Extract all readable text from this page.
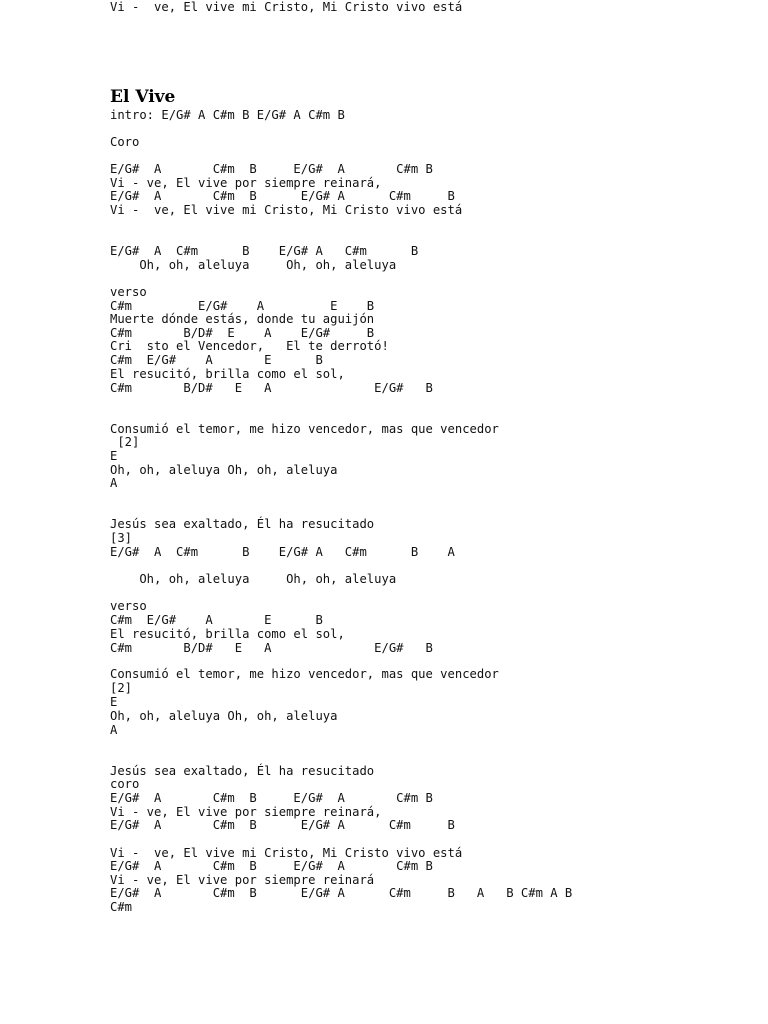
El Vive
intro: E/G# A C#m B E/G# A C#m B
Coro
E/G#  A       C#m  B     E/G#  A       C#m B
Vi - ve, El vive por siempre reinará,
E/G#  A       C#m  B      E/G# A      C#m     B
Vi -  ve, El vive mi Cristo, Mi Cristo vivo está
E/G#  A  C#m      B    E/G# A   C#m      B
Oh, oh, aleluya     Oh, oh, aleluya
verso
C#m         E/G#    A         E    B
Muerte dónde estás, donde tu aguijón
C#m       B/D#  E    A    E/G#     B
Cri  sto el Vencedor,   El te derrotó!
C#m  E/G#    A       E      B
El resucitó, brilla como el sol,
C#m       B/D#   E   A              E/G#   B
Consumió el temor, me hizo vencedor, mas que vencedor
[2]
E
Oh, oh, aleluya Oh, oh, aleluya
A
Jesús sea exaltado, Él ha resucitado
[3]
E/G#  A  C#m      B    E/G# A   C#m      B    A
Oh, oh, aleluya     Oh, oh, aleluya
verso
C#m  E/G#    A       E      B
El resucitó, brilla como el sol,
C#m       B/D#   E   A              E/G#   B
Consumió el temor, me hizo vencedor, mas que vencedor
[2]
E
Oh, oh, aleluya Oh, oh, aleluya
A
Jesús sea exaltado, Él ha resucitado
coro
E/G#  A       C#m  B     E/G#  A       C#m B
Vi - ve, El vive por siempre reinará,
E/G#  A       C#m  B      E/G# A      C#m     B
Vi -  ve, El vive mi Cristo, Mi Cristo vivo está
E/G#  A       C#m  B     E/G#  A       C#m B
Vi - ve, El vive por siempre reinará
E/G#  A       C#m  B      E/G# A      C#m     B   A   B C#m A B
C#m
Vi -  ve, El vive mi Cristo, Mi Cristo vivo está
